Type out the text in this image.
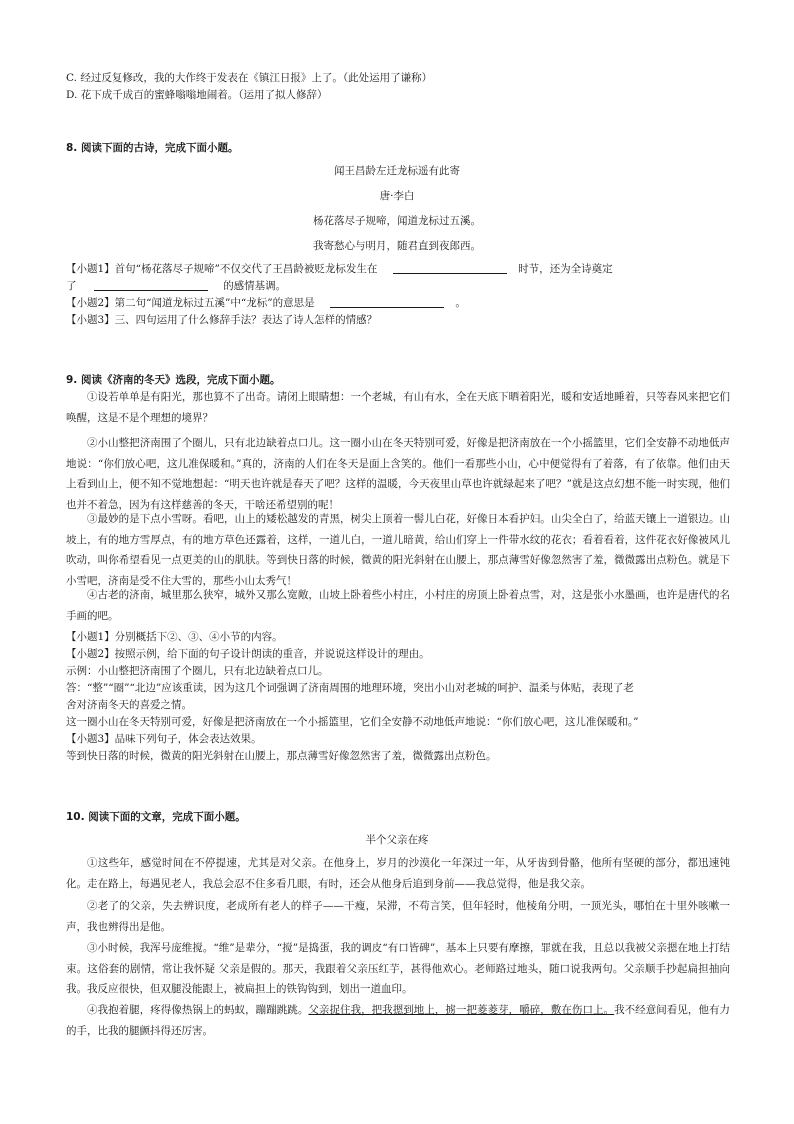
C. 经过反复修改，我的大作终于发表在《镇江日报》上了。（此处运用了谦称）
D. 花下成千成百的蜜蜂嗡嗡地闹着。（运用了拟人修辞）
8. 阅读下面的古诗，完成下面小题。
闻王昌龄左迁龙标遥有此寄
唐·李白
杨花落尽子规啼，闻道龙标过五溪。
我寄愁心与明月，随君直到夜郎西。
【小题1】首句“杨花落尽子规啼”不仅交代了王昌龄被贬龙标发生在	时节，还为全诗奠定
了	的感情基调。
【小题2】第二句“闻道龙标过五溪”中“龙标”的意思是	。
【小题3】三、四句运用了什么修辞手法？表达了诗人怎样的情感？
9. 阅读《济南的冬天》选段，完成下面小题。
①设若单单是有阳光，那也算不了出奇。请闭上眼睛想：一个老城，有山有水，全在天底下晒着阳光，暖和安适地睡着，只等春风来把它们唤醒，这是不是个理想的境界？
②小山整把济南围了个圈儿，只有北边缺着点口儿。这一圈小山在冬天特别可爱，好像是把济南放在一个小摇篮里，它们全安静不动地低声地说：“你们放心吧，这儿准保暖和。”真的，济南的人们在冬天是面上含笑的。他们一看那些小山，心中便觉得有了着落，有了依靠。他们由天上看到山上，便不知不觉地想起：“明天也许就是春天了吧？这样的温暖，今天夜里山草也许就绿起来了吧？”就是这点幻想不能一时实现，他们也并不着急，因为有这样慈善的冬天，干啥还希望别的呢！
③最妙的是下点小雪呀。看吧，山上的矮松越发的青黑，树尖上顶着一髻儿白花，好像日本看护妇。山尖全白了，给蓝天镶上一道银边。山坡上，有的地方雪厚点，有的地方草色还露着，这样，一道儿白，一道儿暗黄，给山们穿上一件带水纹的花衣；看着看着，这件花衣好像被风儿吹动，叫你希望看见一点更美的山的肌肤。等到快日落的时候，微黄的阳光斜射在山腰上，那点薄雪好像忽然害了羞，微微露出点粉色。就是下小雪吧，济南是受不住大雪的，那些小山太秀气！
④古老的济南，城里那么狭窄，城外又那么宽敞，山坡上卧着些小村庄，小村庄的房顶上卧着点雪，对，这是张小水墨画，也许是唐代的名手画的吧。
【小题1】分别概括下②、③、④小节的内容。
【小题2】按照示例，给下面的句子设计朗读的重音，并说说这样设计的理由。
示例：小山整把济南围了个圈儿，只有北边缺着点口儿。
答：“整”“圈”“北边”应该重读，因为这几个词强调了济南周围的地理环境，突出小山对老城的呵护、温柔与体贴，表现了老
舍对济南冬天的喜爱之情。
这一圈小山在冬天特别可爱，好像是把济南放在一个小摇篮里，它们全安静不动地低声地说：“你们放心吧，这儿准保暖和。”
【小题3】品味下列句子，体会表达效果。
等到快日落的时候，微黄的阳光斜射在山腰上，那点薄雪好像忽然害了羞，微微露出点粉色。
10. 阅读下面的文章，完成下面小题。
半个父亲在疼
①这些年，感觉时间在不停提速，尤其是对父亲。在他身上，岁月的沙漠化一年深过一年，从牙齿到骨骼，他所有坚硬的部分，都迅速钝化。走在路上，每遇见老人，我总会忍不住多看几眼，有时，还会从他身后追到身前——我总觉得，他是我父亲。
②老了的父亲，失去辨识度，老成所有老人的样子——干瘦，呆滞，不苟言笑，但年轻时，他棱角分明，一顶光头，哪怕在十里外咳嗽一声，我也辨得出是他。
③小时候，我浑号庞维搅。“维”是辈分，“搅”是捣蛋，我的调皮“有口皆碑”，基本上只要有摩擦，罪就在我，且总以我被父亲摁在地上打结束。这俗套的剧情，常让我怀疑 父亲是假的。那天，我跟着父亲压红芋，甚得他欢心。老师路过地头，随口说我两句。父亲顺手抄起扁担抽向我。我反应很快，但双腿没能跟上，被扁担上的铁钩钩到，划出一道血印。
④我抱着腿，疼得像热锅上的蚂蚁，蹦蹦跳跳。父亲捉住我，把我摁到地上，掳一把菱菱芽，嚼碎，敷在伤口上。我不经意间看见，他有力的手，比我的腿颤抖得还厉害。
